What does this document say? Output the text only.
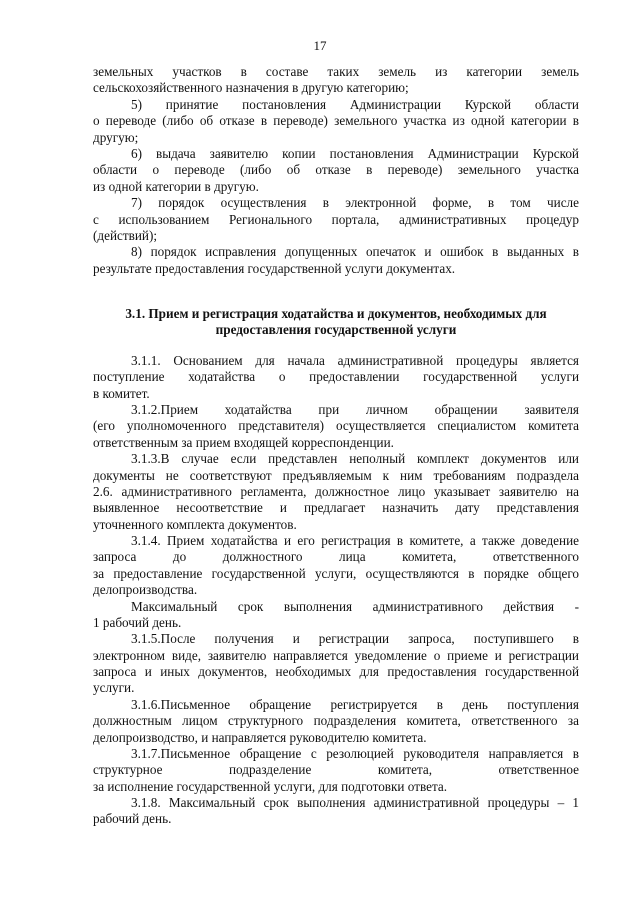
17
земельных участков в составе таких земель из категории земель
сельскохозяйственного назначения в другую категорию;
5) принятие постановления Администрации Курской области
о переводе (либо об отказе в переводе) земельного участка из одной категории в
другую;
6) выдача заявителю копии постановления Администрации Курской
области о переводе (либо об отказе в переводе) земельного участка
из одной категории в другую.
7) порядок осуществления в электронной форме, в том числе
с использованием Регионального портала, административных процедур
(действий);
8) порядок исправления допущенных опечаток и ошибок в выданных в
результате предоставления государственной услуги документах.
3.1. Прием и регистрация ходатайства и документов, необходимых для
предоставления государственной услуги
3.1.1. Основанием для начала административной процедуры является
поступление ходатайства о предоставлении государственной услуги
в комитет.
3.1.2.Прием ходатайства при личном обращении заявителя
(его уполномоченного представителя) осуществляется специалистом комитета
ответственным за прием входящей корреспонденции.
3.1.3.В случае если представлен неполный комплект документов или
документы не соответствуют предъявляемым к ним требованиям подраздела
2.6. административного регламента, должностное лицо указывает заявителю на
выявленное несоответствие и предлагает назначить дату представления
уточненного комплекта документов.
3.1.4. Прием ходатайства и его регистрация в комитете, а также доведение
запроса до должностного лица комитета, ответственного
за предоставление государственной услуги, осуществляются в порядке общего
делопроизводства.
Максимальный срок выполнения административного действия -
1 рабочий день.
3.1.5.После получения и регистрации запроса, поступившего в
электронном виде, заявителю направляется уведомление о приеме и регистрации
запроса и иных документов, необходимых для предоставления государственной
услуги.
3.1.6.Письменное обращение регистрируется в день поступления
должностным лицом структурного подразделения комитета, ответственного за
делопроизводство, и направляется руководителю комитета.
3.1.7.Письменное обращение с резолюцией руководителя направляется в
структурное подразделение комитета, ответственное
за исполнение государственной услуги, для подготовки ответа.
3.1.8. Максимальный срок выполнения административной процедуры – 1
рабочий день.
